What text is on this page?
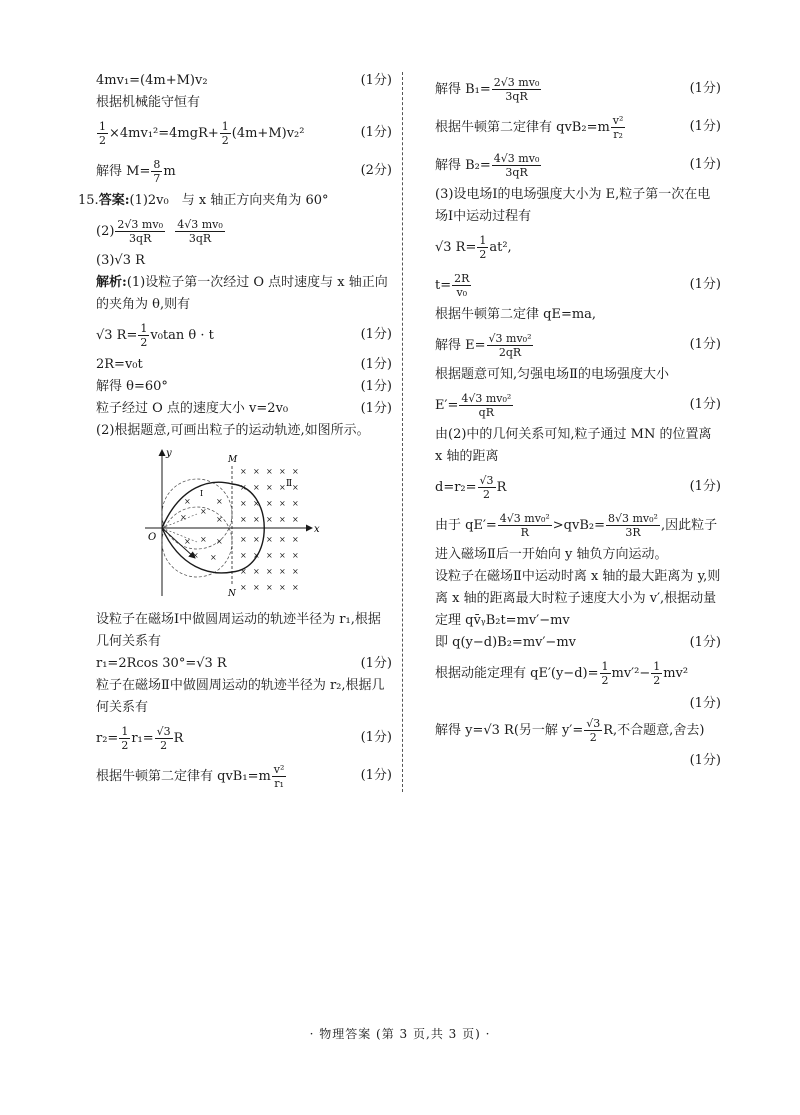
4mv₁=(4m+M)v₂	(1分)
根据机械能守恒有
$\frac{1}{2} \times 4mv_1^2=4mgR+ \frac{1}{2} (4m+M)v_2^2$	(1分)
解得 $M= \frac{8}{7}$ m	(2分)
15.答案:(1)2v₀　与 x 轴正方向夹角为 60°
$(2) \frac{\text{2√3 mv₀}}{3qR}$
$\frac{\text{4√3 mv₀}}{3qR}$
(3)√3 R
解析:(1)设粒子第一次经过 O 点时速度与 x 轴正向的夹角为 θ,则有
√3 $R= \frac{1}{2} v_0\tan$ θ · t	(1分)
2R=v₀t	(1分)
解得 θ=60°	(1分)
粒子经过 O 点的速度大小 v=2v₀	(1分)
(2)根据题意,可画出粒子的运动轨迹,如图所示。
x
y
O
M
N
Ⅰ
Ⅱ
×
×
×
×	×
× × ×
× ×
× × × × ×
× × × × ×
× × × × ×
× × × × ×
× × × × ×
× × × × ×
× × × × ×
× × × × ×
设粒子在磁场Ⅰ中做圆周运动的轨迹半径为 r₁,根据几何关系有
r₁=2Rcos 30°=√3 R	(1分)
粒子在磁场Ⅱ中做圆周运动的轨迹半径为 r₂,根据几何关系有
$r_2= \frac{1}{2} r_1= \frac{√3}{2}$ R	(1分)
根据牛顿第二定律有 $qvB_1=m \frac{\text{v²}}{\text{r₁}}$	(1分)
解得 $B_1= \frac{\text{2√3 mv₀}}{3qR}$	(1分)
根据牛顿第二定律有 $qvB_2=m \frac{\text{v²}}{\text{r₂}}$	(1分)
解得 $B_2= \frac{\text{4√3 mv₀}}{3qR}$	(1分)
(3)设电场Ⅰ的电场强度大小为 E,粒子第一次在电场Ⅰ中运动过程有
√3 $R= \frac{1}{2} at^2$,
$t= \frac{2R}{\text{v₀}}$	(1分)
根据牛顿第二定律 qE=ma,
解得 $E= \frac{\text{√3 mv₀²}}{2qR}$	(1分)
根据题意可知,匀强电场Ⅱ的电场强度大小
$E'= \frac{\text{4√3 mv₀²}}{qR}$	(1分)
由(2)中的几何关系可知,粒子通过 MN 的位置离 x 轴的距离
$d=r_2= \frac{√3}{2}$ R	(1分)
由于 $qE'= \frac{\text{4√3 mv₀²}}{R} >qvB_2= \frac{\text{8√3 mv₀²}}{3R}$ ,因此粒子
进入磁场Ⅱ后一开始向 y 轴负方向运动。
设粒子在磁场Ⅱ中运动时离 x 轴的最大距离为 y,则离 x 轴的距离最大时粒子速度大小为 v′,根据动量定理 qv̄ᵧB₂t=mv′−mv
即 q(y−d)B₂=mv′−mv	(1分)
根据动能定理有 $qE'(y-d)= \frac{1}{2} mv'^2- \frac{1}{2} mv^2$
(1分)
解得 y=√3 R(另一解 $y'= \frac{√3}{2} R$,不合题意,舍去)
(1分)
· 物理答案 (第 3 页,共 3 页) ·
